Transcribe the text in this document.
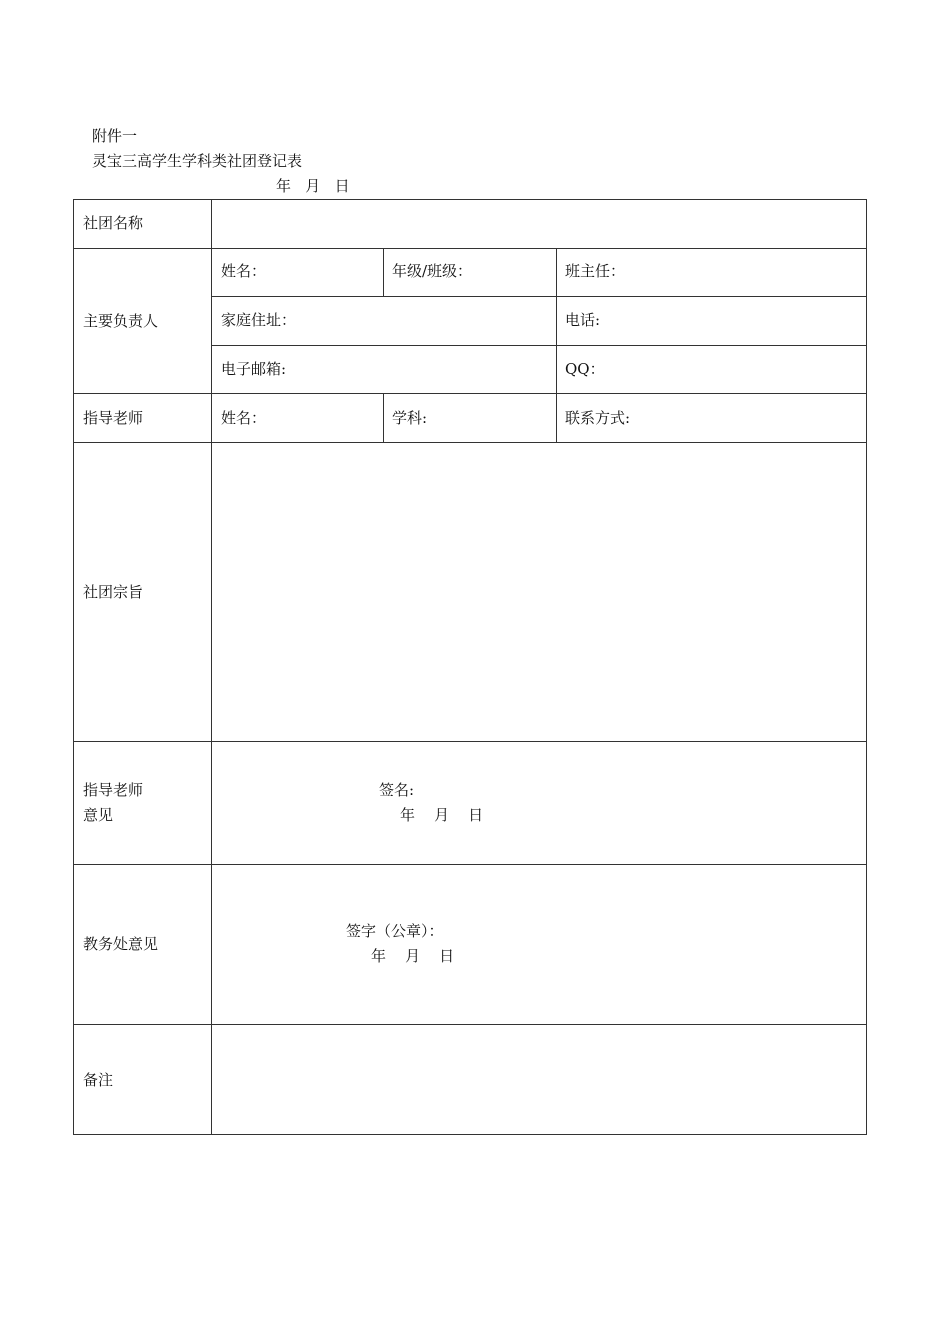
附件一
灵宝三高学生学科类社团登记表
年   月   日
社团名称
主要负责人
姓名：	年级/班级：	班主任：
家庭住址：	电话:
电子邮箱:	QQ：
指导老师	姓名：	学科:	联系方式:
社团宗旨
指导老师
意见
签名:
年    月    日
教务处意见
签字（公章）：
年    月    日
备注
